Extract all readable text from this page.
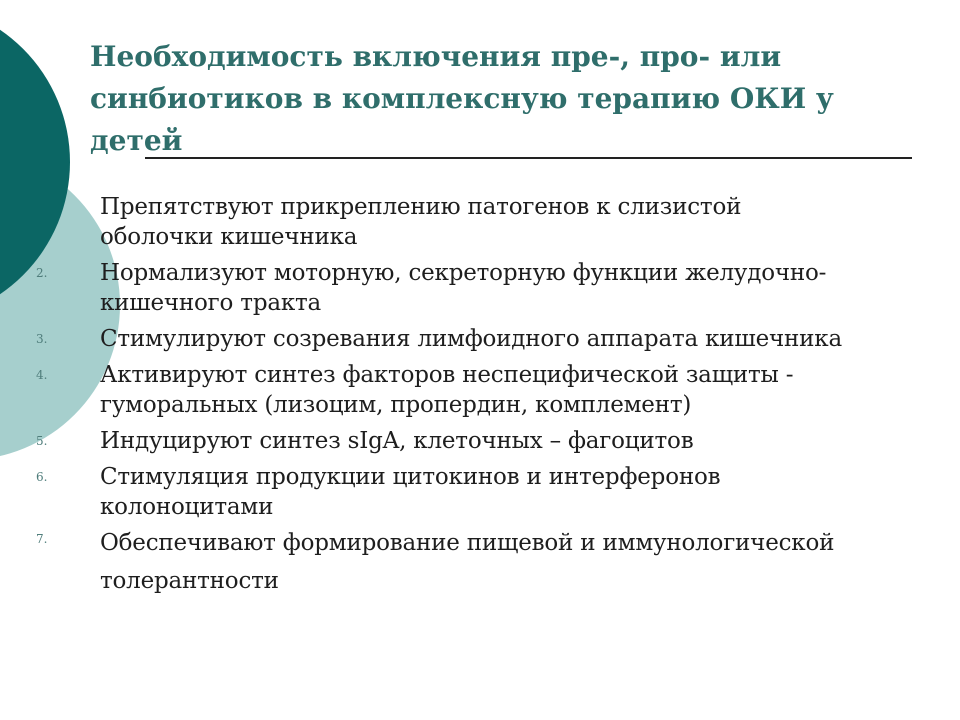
Необходимость включения пре-, про- или синбиотиков в комплексную терапию ОКИ у детей
Препятствуют прикреплению патогенов к слизистой
оболочки кишечника
2. Нормализуют моторную, секреторную функции желудочно-
кишечного тракта
3. Стимулируют созревания лимфоидного аппарата кишечника
4. Активируют синтез факторов неспецифической защиты -
гуморальных (лизоцим, пропердин, комплемент)
5. Индуцируют синтез sIgA, клеточных – фагоцитов
6. Стимуляция продукции цитокинов и интерферонов
колоноцитами
7. Обеспечивают формирование пищевой и иммунологической
толерантности
